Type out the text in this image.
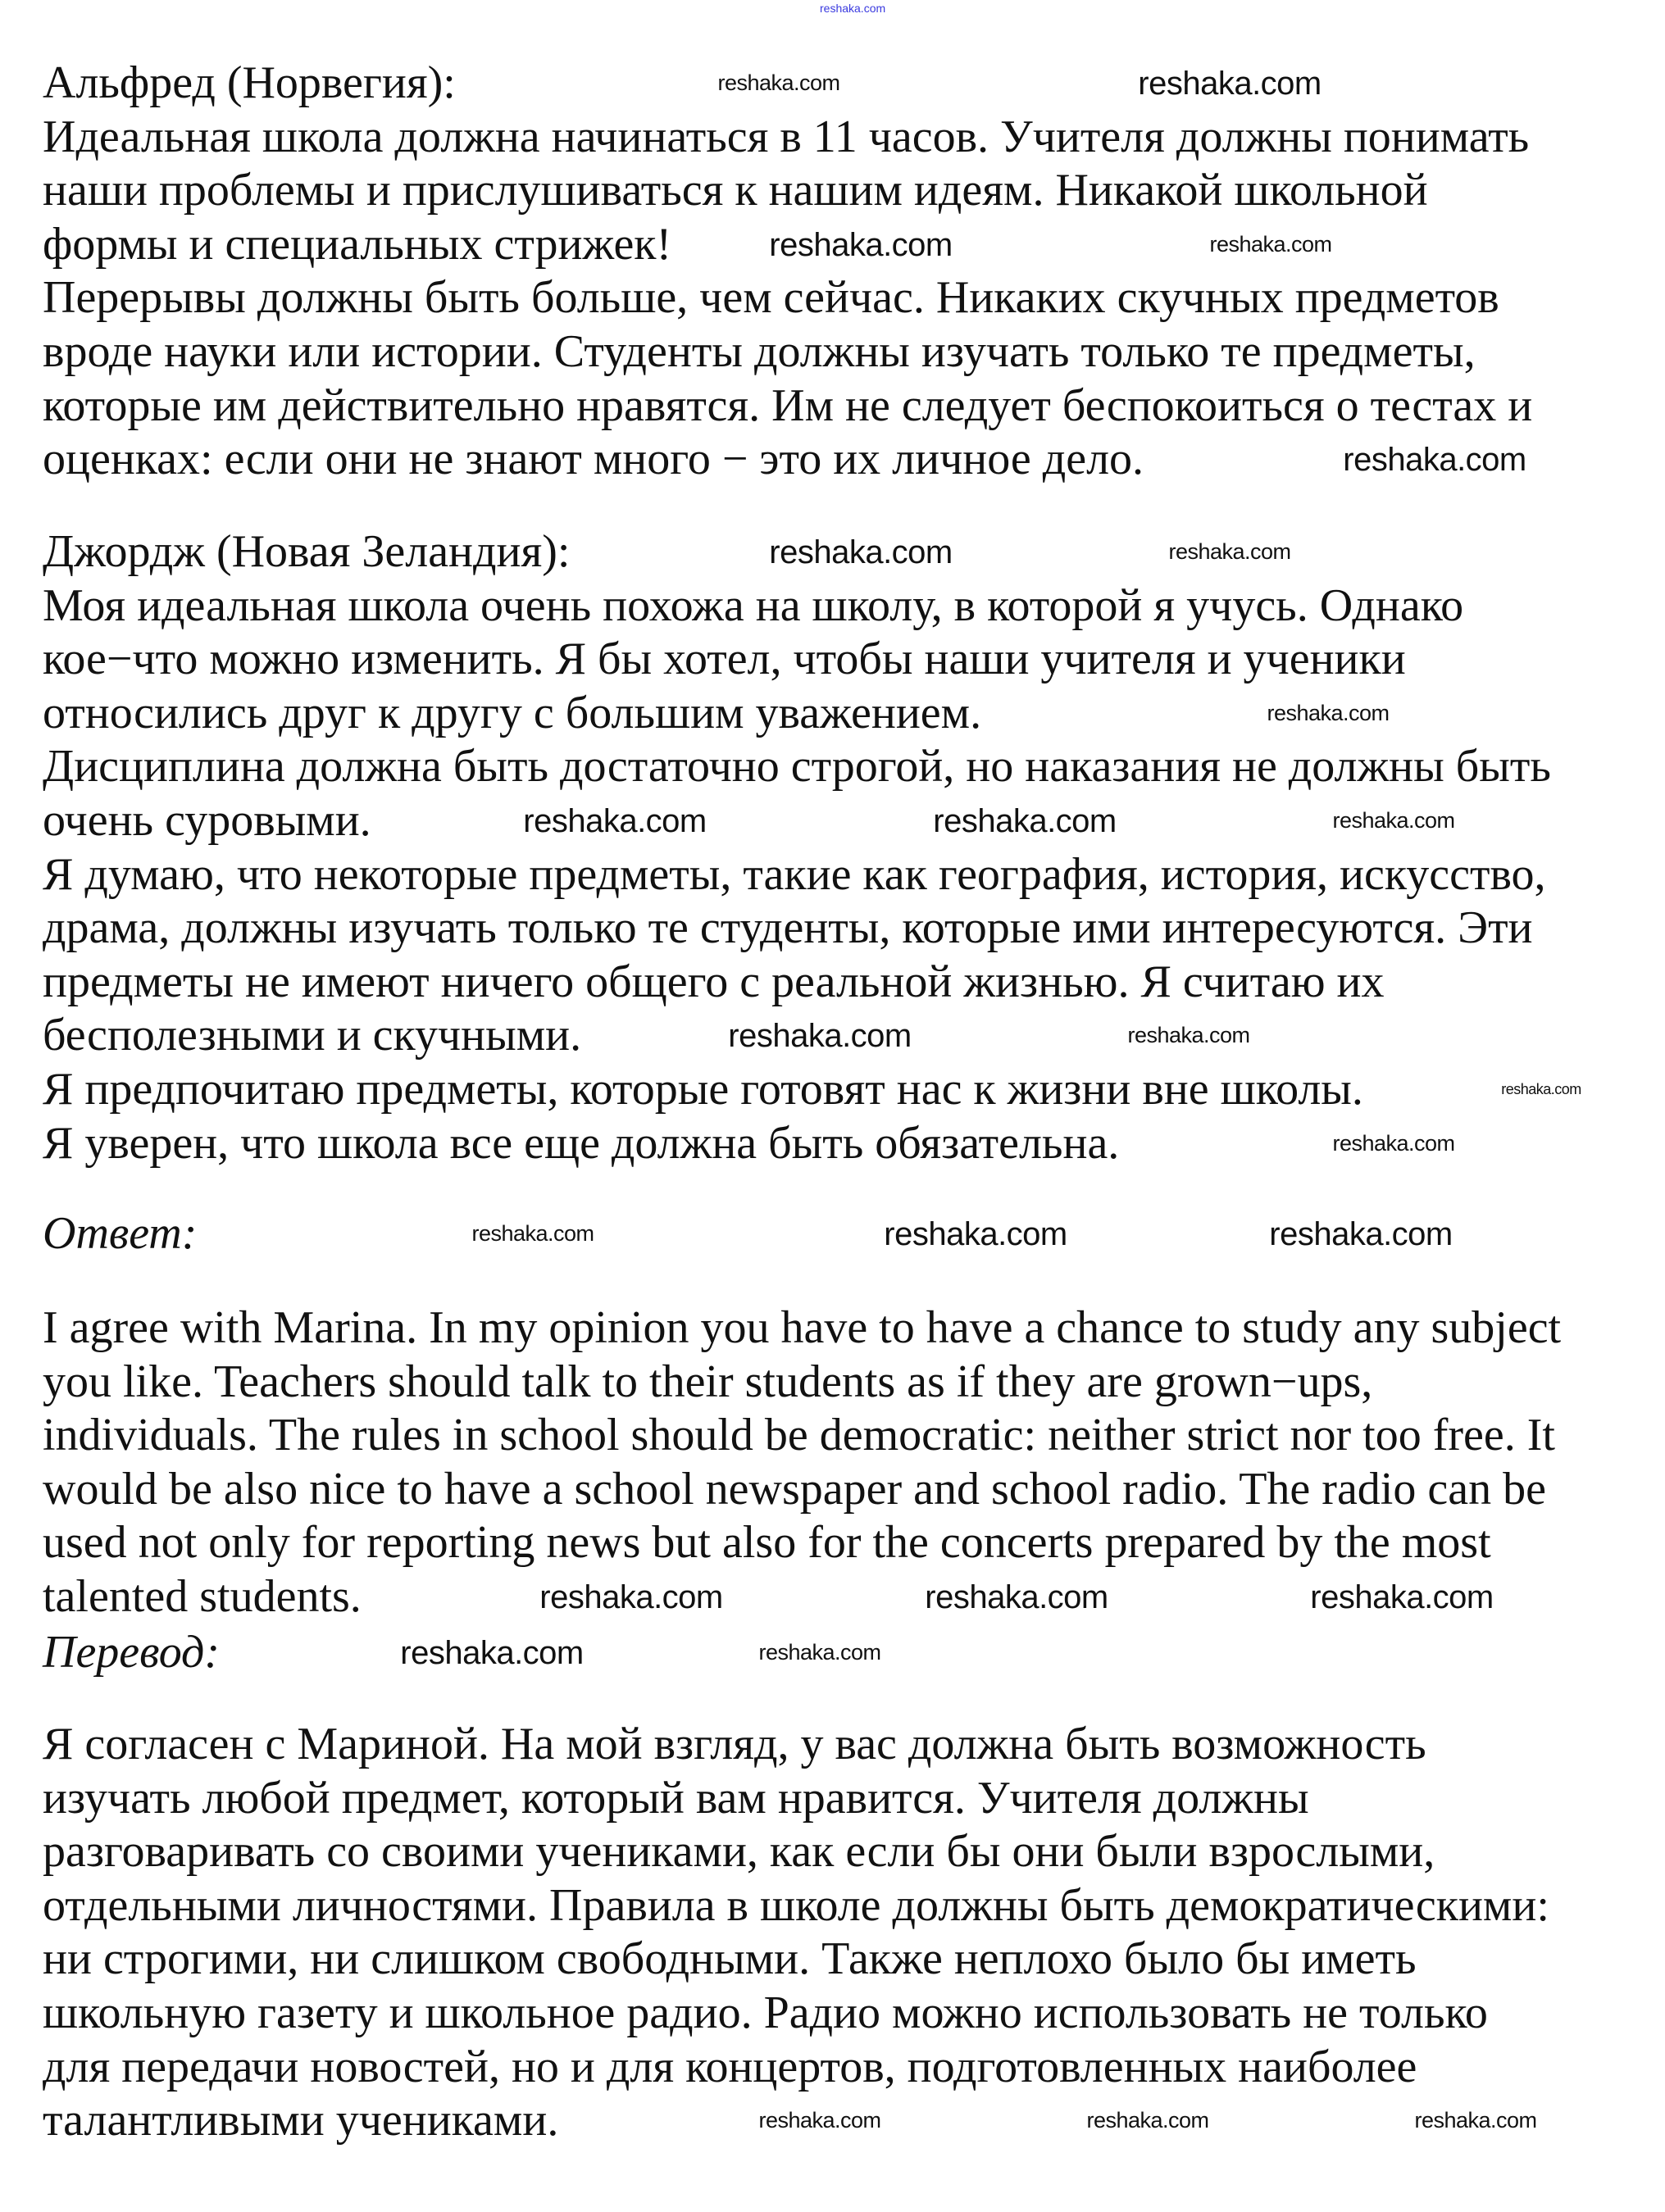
reshaka.com
Альфред (Норвегия):
Идеальная школа должна начинаться в 11 часов. Учителя должны понимать
наши проблемы и прислушиваться к нашим идеям. Никакой школьной
формы и специальных стрижек!
Перерывы должны быть больше, чем сейчас. Никаких скучных предметов
вроде науки или истории. Студенты должны изучать только те предметы,
которые им действительно нравятся. Им не следует беспокоиться о тестах и
оценках: если они не знают много − это их личное дело.
Джордж (Новая Зеландия):
Моя идеальная школа очень похожа на школу, в которой я учусь. Однако
кое−что можно изменить. Я бы хотел, чтобы наши учителя и ученики
относились друг к другу с большим уважением.
Дисциплина должна быть достаточно строгой, но наказания не должны быть
очень суровыми.
Я думаю, что некоторые предметы, такие как география, история, искусство,
драма, должны изучать только те студенты, которые ими интересуются. Эти
предметы не имеют ничего общего с реальной жизнью. Я считаю их
бесполезными и скучными.
Я предпочитаю предметы, которые готовят нас к жизни вне школы.
Я уверен, что школа все еще должна быть обязательна.
Ответ:
I agree with Marina. In my opinion you have to have a chance to study any subject
you like. Teachers should talk to their students as if they are grown−ups,
individuals. The rules in school should be democratic: neither strict nor too free. It
would be also nice to have a school newspaper and school radio. The radio can be
used not only for reporting news but also for the concerts prepared by the most
talented students.
Перевод:
Я согласен с Мариной. На мой взгляд, у вас должна быть возможность
изучать любой предмет, который вам нравится. Учителя должны
разговаривать со своими учениками, как если бы они были взрослыми,
отдельными личностями. Правила в школе должны быть демократическими:
ни строгими, ни слишком свободными. Также неплохо было бы иметь
школьную газету и школьное радио. Радио можно использовать не только
для передачи новостей, но и для концертов, подготовленных наиболее
талантливыми учениками.
reshaka.com	reshaka.com
reshaka.com	reshaka.com
reshaka.com
reshaka.com	reshaka.com
reshaka.com
reshaka.com	reshaka.com	reshaka.com
reshaka.com	reshaka.com
reshaka.com
reshaka.com
reshaka.com	reshaka.com	reshaka.com
reshaka.com	reshaka.com	reshaka.com
reshaka.com	reshaka.com
reshaka.com	reshaka.com	reshaka.com
